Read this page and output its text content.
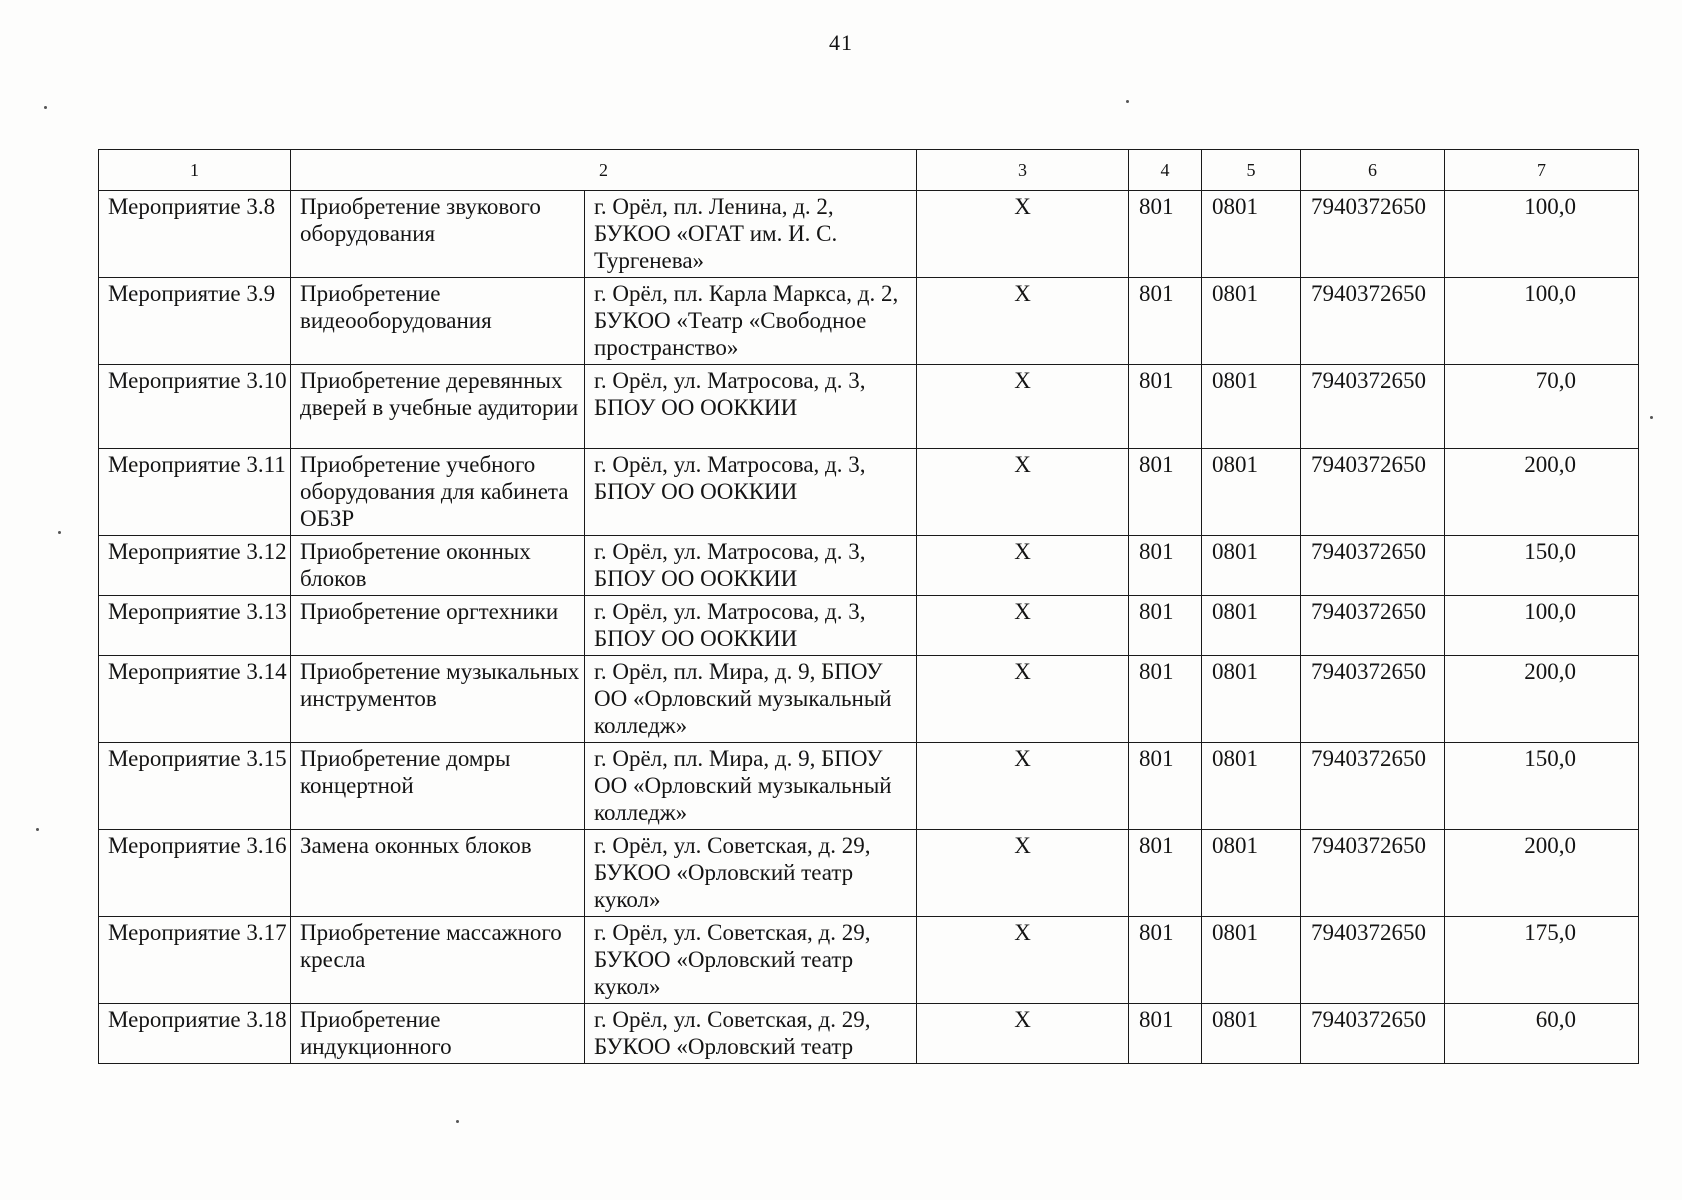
41
1	2		3	4	5	6	7
Мероприятие 3.8	Приобретение звукового оборудования	г. Орёл, пл. Ленина, д. 2, БУКОО «ОГАТ им. И. С. Тургенева»	Х	801	0801	7940372650	100,0
Мероприятие 3.9	Приобретение видеооборудования	г. Орёл, пл. Карла Маркса, д. 2, БУКОО «Театр «Свободное пространство»	Х	801	0801	7940372650	100,0
Мероприятие 3.10	Приобретение деревянных дверей в учебные аудитории	г. Орёл, ул. Матросова, д. 3, БПОУ ОО ООККИИ	Х	801	0801	7940372650	70,0
Мероприятие 3.11	Приобретение учебного оборудования для кабинета ОБЗР	г. Орёл, ул. Матросова, д. 3, БПОУ ОО ООККИИ	Х	801	0801	7940372650	200,0
Мероприятие 3.12	Приобретение оконных блоков	г. Орёл, ул. Матросова, д. 3, БПОУ ОО ООККИИ	Х	801	0801	7940372650	150,0
Мероприятие 3.13	Приобретение оргтехники	г. Орёл, ул. Матросова, д. 3, БПОУ ОО ООККИИ	Х	801	0801	7940372650	100,0
Мероприятие 3.14	Приобретение музыкальных инструментов	г. Орёл, пл. Мира, д. 9, БПОУ ОО «Орловский музыкальный колледж»	Х	801	0801	7940372650	200,0
Мероприятие 3.15	Приобретение домры концертной	г. Орёл, пл. Мира, д. 9, БПОУ ОО «Орловский музыкальный колледж»	Х	801	0801	7940372650	150,0
Мероприятие 3.16	Замена оконных блоков	г. Орёл, ул. Советская, д. 29, БУКОО «Орловский театр кукол»	Х	801	0801	7940372650	200,0
Мероприятие 3.17	Приобретение массажного кресла	г. Орёл, ул. Советская, д. 29, БУКОО «Орловский театр кукол»	Х	801	0801	7940372650	175,0
Мероприятие 3.18	Приобретение индукционного	г. Орёл, ул. Советская, д. 29, БУКОО «Орловский театр	Х	801	0801	7940372650	60,0
